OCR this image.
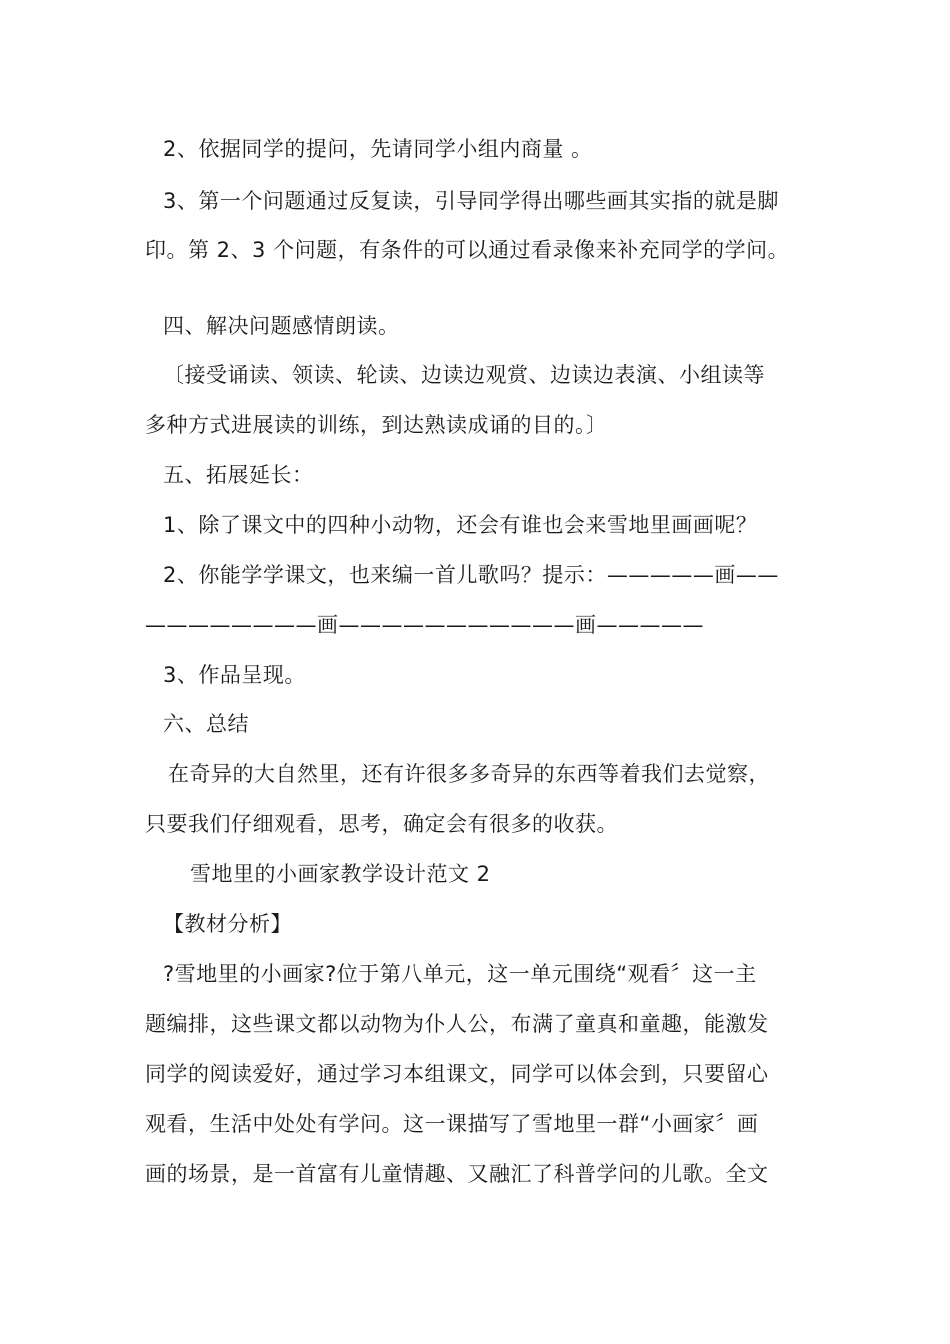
2、依据同学的提问，先请同学小组内商量 。
3、第一个问题通过反复读，引导同学得出哪些画其实指的就是脚
印。第 2、3 个问题，有条件的可以通过看录像来补充同学的学问。
四、解决问题感情朗读。
〔接受诵读、领读、轮读、边读边观赏、边读边表演、小组读等
多种方式进展读的训练，到达熟读成诵的目的。〕
五、拓展延长：
1、除了课文中的四种小动物，还会有谁也会来雪地里画画呢？
2、你能学学课文，也来编一首儿歌吗？提示：—————画——
————————画———————————画—————
3、作品呈现。
六、总结
在奇异的大自然里，还有许很多多奇异的东西等着我们去觉察，
只要我们仔细观看，思考，确定会有很多的收获。
雪地里的小画家教学设计范文 2
【教材分析】
?雪地里的小画家?位于第八单元，这一单元围绕“观看〞这一主
题编排，这些课文都以动物为仆人公，布满了童真和童趣，能激发
同学的阅读爱好，通过学习本组课文，同学可以体会到，只要留心
观看，生活中处处有学问。这一课描写了雪地里一群“小画家〞画
画的场景，是一首富有儿童情趣、又融汇了科普学问的儿歌。全文
